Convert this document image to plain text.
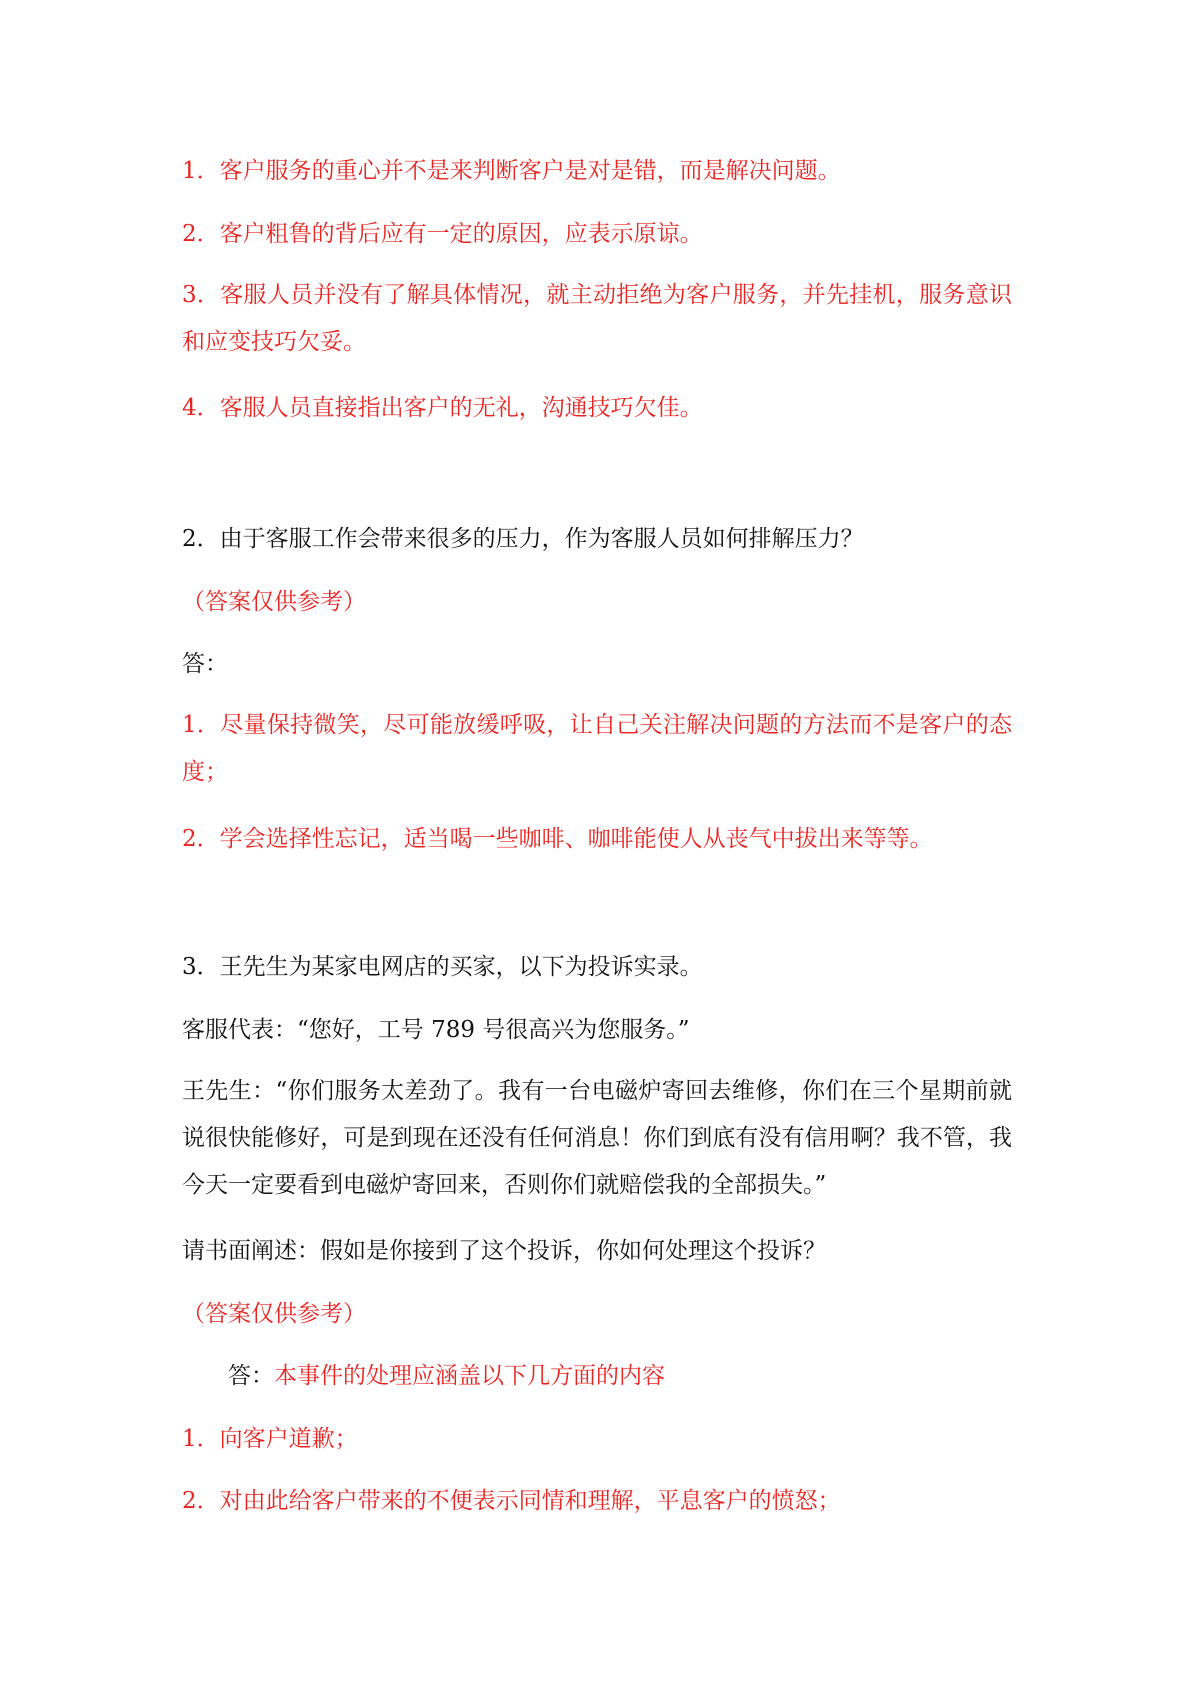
1．客户服务的重心并不是来判断客户是对是错，而是解决问题。

2．客户粗鲁的背后应有一定的原因，应表示原谅。

3．客服人员并没有了解具体情况，就主动拒绝为客户服务，并先挂机，服务意识和应变技巧欠妥。

4．客服人员直接指出客户的无礼，沟通技巧欠佳。

2．由于客服工作会带来很多的压力，作为客服人员如何排解压力？

（答案仅供参考）

答：

1．尽量保持微笑，尽可能放缓呼吸，让自己关注解决问题的方法而不是客户的态度；

2．学会选择性忘记，适当喝一些咖啡、咖啡能使人从丧气中拔出来等等。

3．王先生为某家电网店的买家，以下为投诉实录。

客服代表：“您好，工号 789 号很高兴为您服务。”

王先生：“你们服务太差劲了。我有一台电磁炉寄回去维修，你们在三个星期前就说很快能修好，可是到现在还没有任何消息！你们到底有没有信用啊？我不管，我今天一定要看到电磁炉寄回来，否则你们就赔偿我的全部损失。”

请书面阐述：假如是你接到了这个投诉，你如何处理这个投诉？

（答案仅供参考）

答：本事件的处理应涵盖以下几方面的内容

1．向客户道歉；

2．对由此给客户带来的不便表示同情和理解，平息客户的愤怒；
